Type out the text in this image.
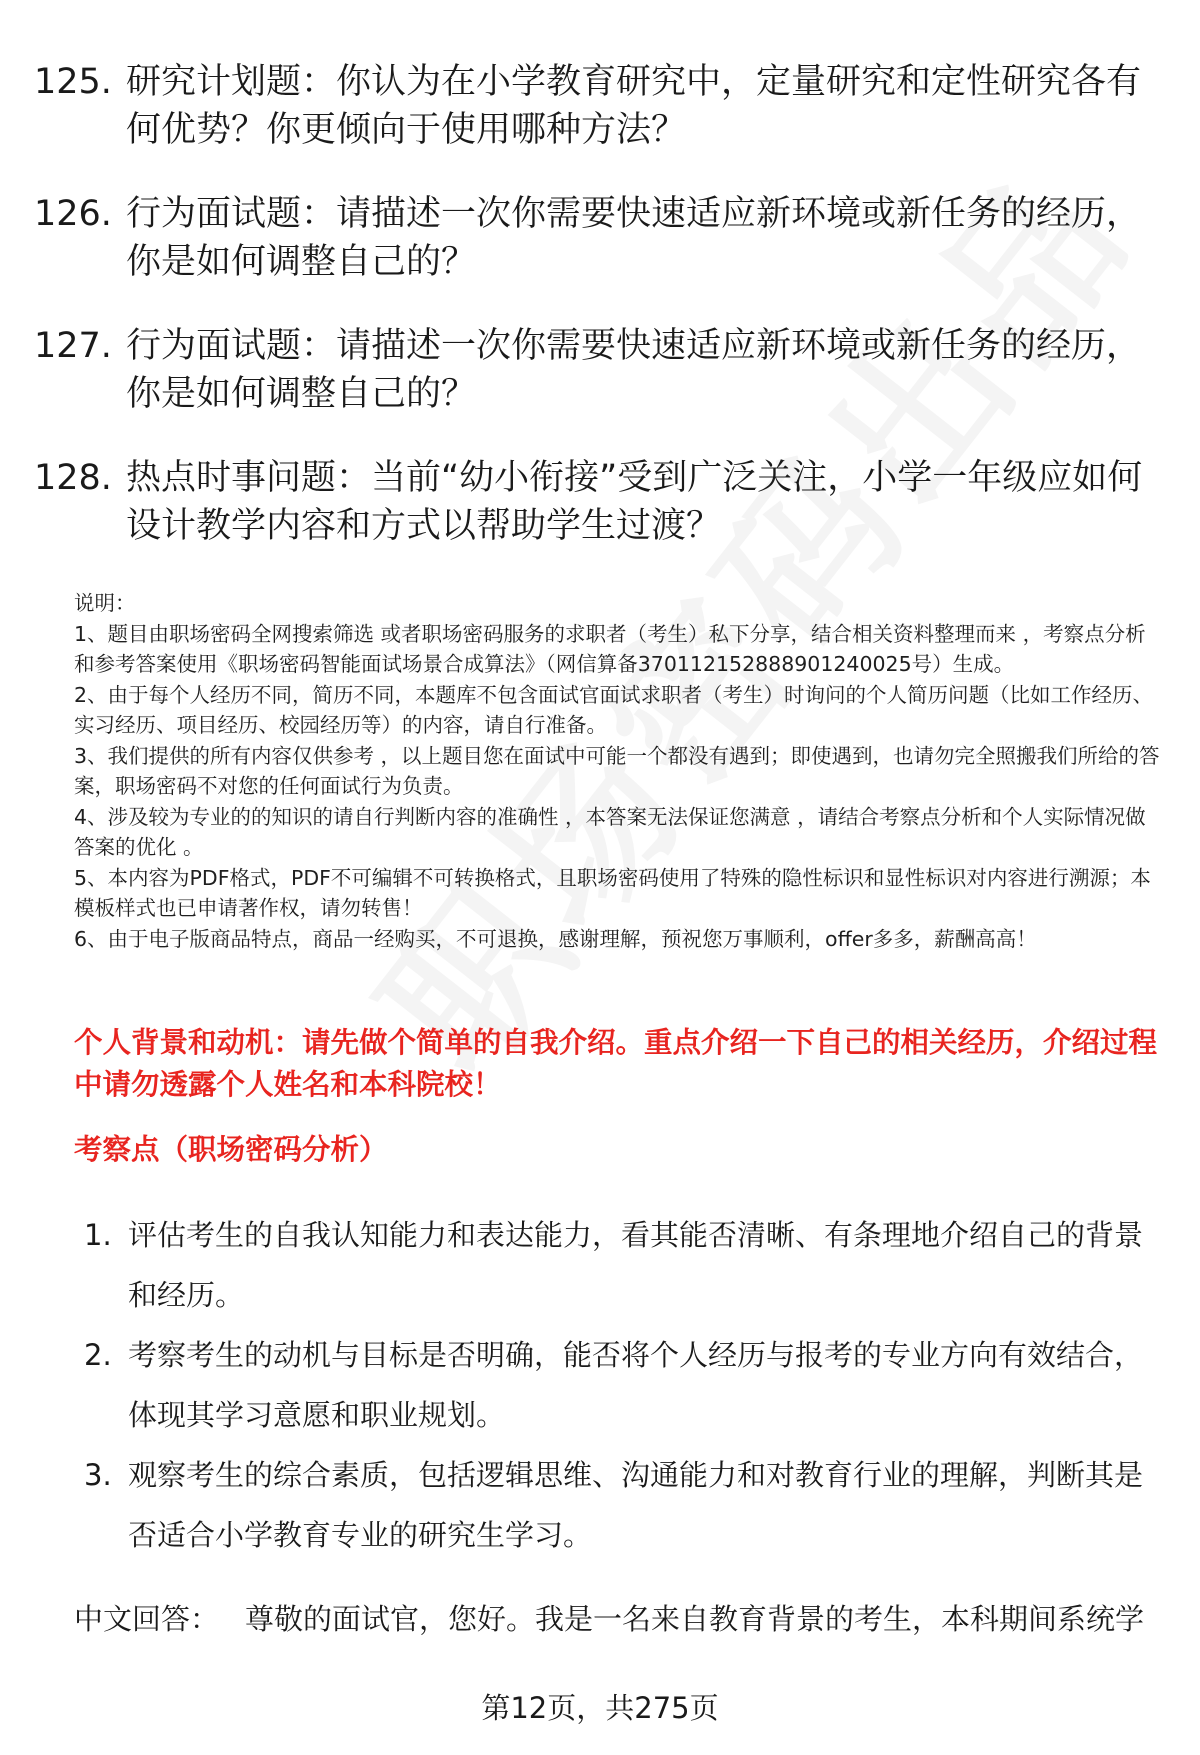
125. 研究计划题：你认为在小学教育研究中，定量研究和定性研究各有何优势？你更倾向于使用哪种方法？
126. 行为面试题：请描述一次你需要快速适应新环境或新任务的经历，你是如何调整自己的？
127. 行为面试题：请描述一次你需要快速适应新环境或新任务的经历，你是如何调整自己的？
128. 热点时事问题：当前“幼小衔接”受到广泛关注，小学一年级应如何设计教学内容和方式以帮助学生过渡？

说明：

1、题目由职场密码全网搜索筛选 或者职场密码服务的求职者（考生）私下分享，结合相关资料整理而来 ，考察点分析和参考答案使用《职场密码智能面试场景合成算法》（网信算备370112152888901240025号）生成。

2、由于每个人经历不同，简历不同，本题库不包含面试官面试求职者（考生）时询问的个人简历问题（比如工作经历、实习经历、项目经历、校园经历等）的内容，请自行准备。

3、我们提供的所有内容仅供参考 ，以上题目您在面试中可能一个都没有遇到；即使遇到，也请勿完全照搬我们所给的答案，职场密码不对您的任何面试行为负责。

4、涉及较为专业的的知识的请自行判断内容的准确性 ，本答案无法保证您满意 ，请结合考察点分析和个人实际情况做答案的优化 。

5、本内容为PDF格式，PDF不可编辑不可转换格式，且职场密码使用了特殊的隐性标识和显性标识对内容进行溯源；本模板样式也已申请著作权，请勿转售！

6、由于电子版商品特点，商品一经购买，不可退换，感谢理解，预祝您万事顺利，offer多多，薪酬高高！

个人背景和动机：请先做个简单的自我介绍。重点介绍一下自己的相关经历，介绍过程中请勿透露个人姓名和本科院校！
考察点（职场密码分析）
1. 评估考生的自我认知能力和表达能力，看其能否清晰、有条理地介绍自己的背景和经历。
2. 考察考生的动机与目标是否明确，能否将个人经历与报考的专业方向有效结合，体现其学习意愿和职业规划。
3. 观察考生的综合素质，包括逻辑思维、沟通能力和对教育行业的理解，判断其是否适合小学教育专业的研究生学习。
中文回答： 尊敬的面试官，您好。我是一名来自教育背景的考生，本科期间系统学
第12页，共275页
